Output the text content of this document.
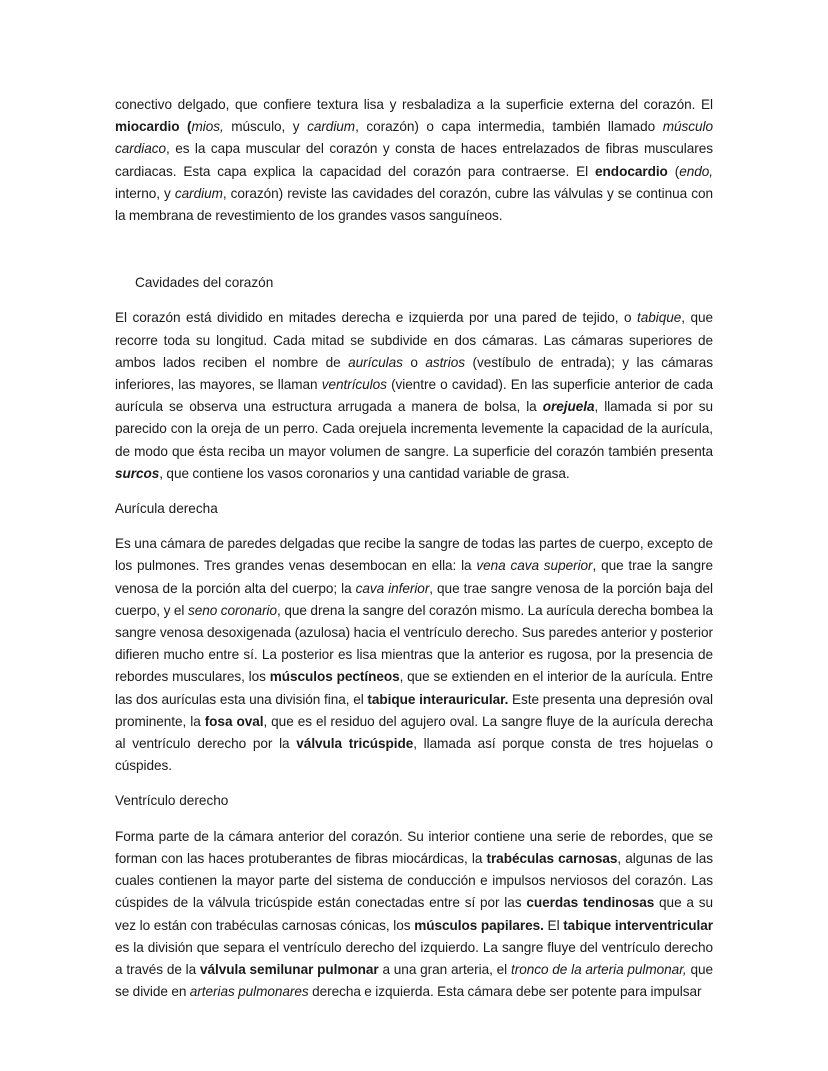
conectivo delgado, que confiere textura lisa y resbaladiza a la superficie externa del corazón. El miocardio (mios, músculo, y cardium, corazón) o capa intermedia, también llamado músculo cardiaco, es la capa muscular del corazón y consta de haces entrelazados de fibras musculares cardiacas. Esta capa explica la capacidad del corazón para contraerse. El endocardio (endo, interno, y cardium, corazón) reviste las cavidades del corazón, cubre las válvulas y se continua con la membrana de revestimiento de los grandes vasos sanguíneos.

Cavidades del corazón

El corazón está dividido en mitades derecha e izquierda por una pared de tejido, o tabique, que recorre toda su longitud. Cada mitad se subdivide en dos cámaras. Las cámaras superiores de ambos lados reciben el nombre de aurículas o astrios (vestíbulo de entrada); y las cámaras inferiores, las mayores, se llaman ventrículos (vientre o cavidad). En las superficie anterior de cada aurícula se observa una estructura arrugada a manera de bolsa, la orejuela, llamada si por su parecido con la oreja de un perro. Cada orejuela incrementa levemente la capacidad de la aurícula, de modo que ésta reciba un mayor volumen de sangre. La superficie del corazón también presenta surcos, que contiene los vasos coronarios y una cantidad variable de grasa.

Aurícula derecha

Es una cámara de paredes delgadas que recibe la sangre de todas las partes de cuerpo, excepto de los pulmones. Tres grandes venas desembocan en ella: la vena cava superior, que trae la sangre venosa de la porción alta del cuerpo; la cava inferior, que trae sangre venosa de la porción baja del cuerpo, y el seno coronario, que drena la sangre del corazón mismo. La aurícula derecha bombea la sangre venosa desoxigenada (azulosa) hacia el ventrículo derecho. Sus paredes anterior y posterior difieren mucho entre sí. La posterior es lisa mientras que la anterior es rugosa, por la presencia de rebordes musculares, los músculos pectíneos, que se extienden en el interior de la aurícula. Entre las dos aurículas esta una división fina, el tabique interauricular. Este presenta una depresión oval prominente, la fosa oval, que es el residuo del agujero oval. La sangre fluye de la aurícula derecha al ventrículo derecho por la válvula tricúspide, llamada así porque consta de tres hojuelas o cúspides.

Ventrículo derecho

Forma parte de la cámara anterior del corazón. Su interior contiene una serie de rebordes, que se forman con las haces protuberantes de fibras miocárdicas, la trabéculas carnosas, algunas de las cuales contienen la mayor parte del sistema de conducción e impulsos nerviosos del corazón. Las cúspides de la válvula tricúspide están conectadas entre sí por las cuerdas tendinosas que a su vez lo están con trabéculas carnosas cónicas, los músculos papilares. El tabique interventricular es la división que separa el ventrículo derecho del izquierdo. La sangre fluye del ventrículo derecho a través de la válvula semilunar pulmonar a una gran arteria, el tronco de la arteria pulmonar, que se divide en arterias pulmonares derecha e izquierda. Esta cámara debe ser potente para impulsar
